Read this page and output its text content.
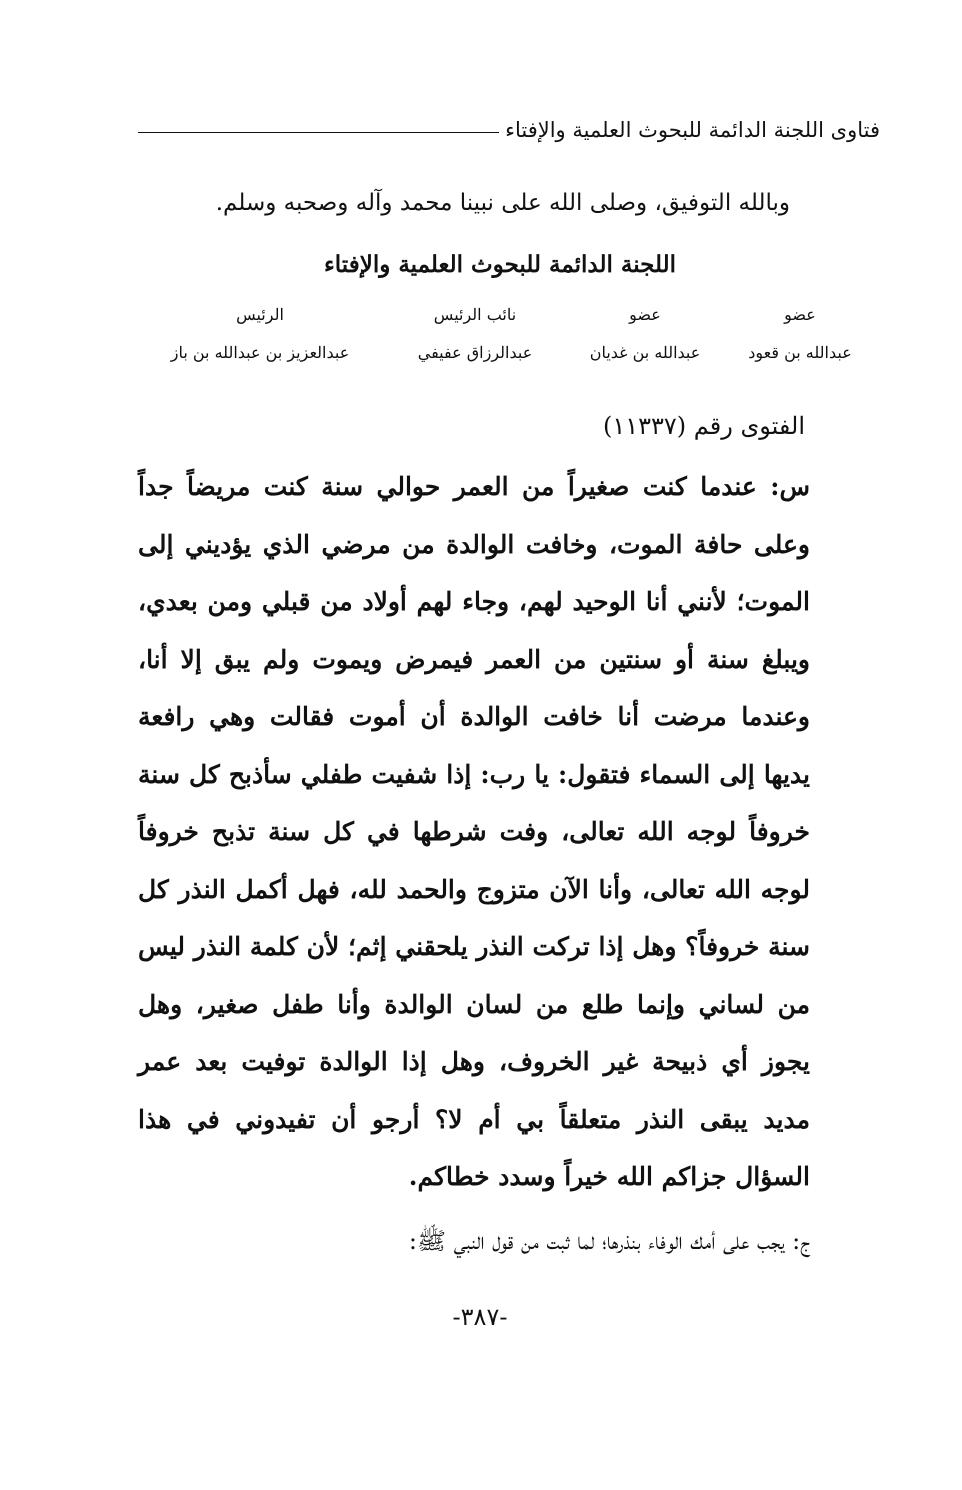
فتاوى اللجنة الدائمة للبحوث العلمية والإفتاء
وبالله التوفيق، وصلى الله على نبينا محمد وآله وصحبه وسلم.
اللجنة الدائمة للبحوث العلمية والإفتاء
عضو
عضو
نائب الرئيس
الرئيس
عبدالله بن قعود
عبدالله بن غديان
عبدالرزاق عفيفي
عبدالعزيز بن عبدالله بن باز
الفتوى رقم (١١٣٣٧)

س: عندما كنت صغيراً من العمر حوالي سنة كنت مريضاً جداً وعلى حافة الموت، وخافت الوالدة من مرضي الذي يؤديني إلى الموت؛ لأنني أنا الوحيد لهم، وجاء لهم أولاد من قبلي ومن بعدي، ويبلغ سنة أو سنتين من العمر فيمرض ويموت ولم يبق إلا أنا، وعندما مرضت أنا خافت الوالدة أن أموت فقالت وهي رافعة يديها إلى السماء فتقول: يا رب: إذا شفيت طفلي سأذبح كل سنة خروفاً لوجه الله تعالى، وفت شرطها في كل سنة تذبح خروفاً لوجه الله تعالى، وأنا الآن متزوج والحمد لله، فهل أكمل النذر كل سنة خروفاً؟ وهل إذا تركت النذر يلحقني إثم؛ لأن كلمة النذر ليس من لساني وإنما طلع من لسان الوالدة وأنا طفل صغير، وهل يجوز أي ذبيحة غير الخروف، وهل إذا الوالدة توفيت بعد عمر مديد يبقى النذر متعلقاً بي أم لا؟ أرجو أن تفيدوني في هذا السؤال جزاكم الله خيراً وسدد خطاكم.

ج: يجب على أمك الوفاء بنذرها؛ لما ثبت من قول النبي ﷺ:

-٣٨٧-
